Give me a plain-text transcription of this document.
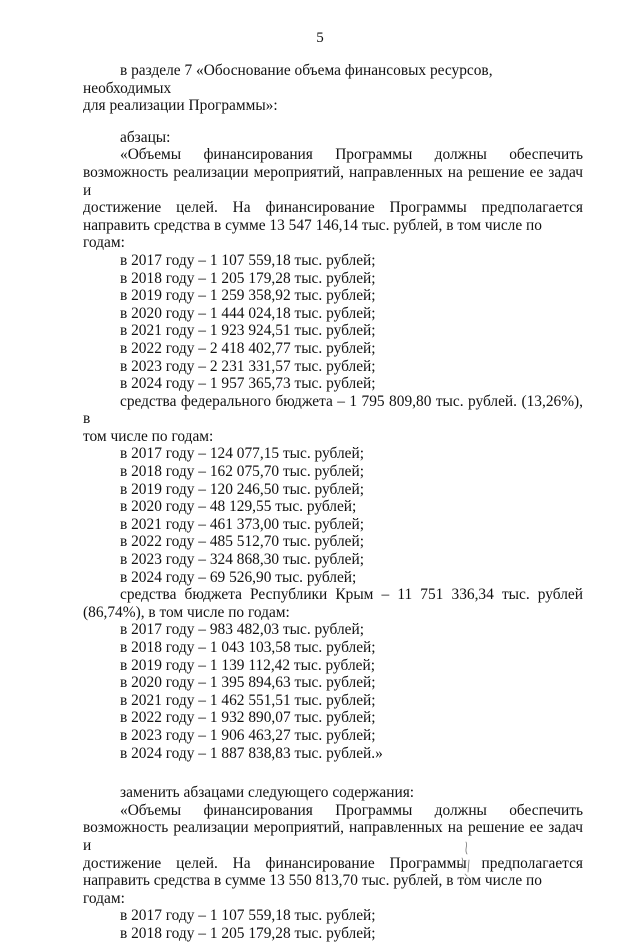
5

в разделе 7 «Обоснование объема финансовых ресурсов, необходимых

для реализации Программы»:

абзацы:

«Объемы финансирования Программы должны обеспечить

возможность реализации мероприятий, направленных на решение ее задач и

достижение целей. На финансирование Программы предполагается

направить средства в сумме 13 547 146,14 тыс. рублей, в том числе по годам:

в 2017 году – 1 107 559,18 тыс. рублей;

в 2018 году – 1 205 179,28 тыс. рублей;

в 2019 году – 1 259 358,92 тыс. рублей;

в 2020 году – 1 444 024,18 тыс. рублей;

в 2021 году – 1 923 924,51 тыс. рублей;

в 2022 году – 2 418 402,77 тыс. рублей;

в 2023 году – 2 231 331,57 тыс. рублей;

в 2024 году – 1 957 365,73 тыс. рублей;

средства федерального бюджета – 1 795 809,80 тыс. рублей. (13,26%), в

том числе по годам:

в 2017 году – 124 077,15 тыс. рублей;

в 2018 году – 162 075,70 тыс. рублей;

в 2019 году – 120 246,50 тыс. рублей;

в 2020 году – 48 129,55 тыс. рублей;

в 2021 году – 461 373,00 тыс. рублей;

в 2022 году – 485 512,70 тыс. рублей;

в 2023 году – 324 868,30 тыс. рублей;

в 2024 году – 69 526,90 тыс. рублей;

средства бюджета Республики Крым – 11 751 336,34 тыс. рублей

(86,74%), в том числе по годам:

в 2017 году – 983 482,03 тыс. рублей;

в 2018 году – 1 043 103,58 тыс. рублей;

в 2019 году – 1 139 112,42 тыс. рублей;

в 2020 году – 1 395 894,63 тыс. рублей;

в 2021 году – 1 462 551,51 тыс. рублей;

в 2022 году – 1 932 890,07 тыс. рублей;

в 2023 году – 1 906 463,27 тыс. рублей;

в 2024 году – 1 887 838,83 тыс. рублей.»

заменить абзацами следующего содержания:

«Объемы финансирования Программы должны обеспечить

возможность реализации мероприятий, направленных на решение ее задач и

достижение целей. На финансирование Программы предполагается

направить средства в сумме 13 550 813,70 тыс. рублей, в том числе по годам:

в 2017 году – 1 107 559,18 тыс. рублей;

в 2018 году – 1 205 179,28 тыс. рублей;
